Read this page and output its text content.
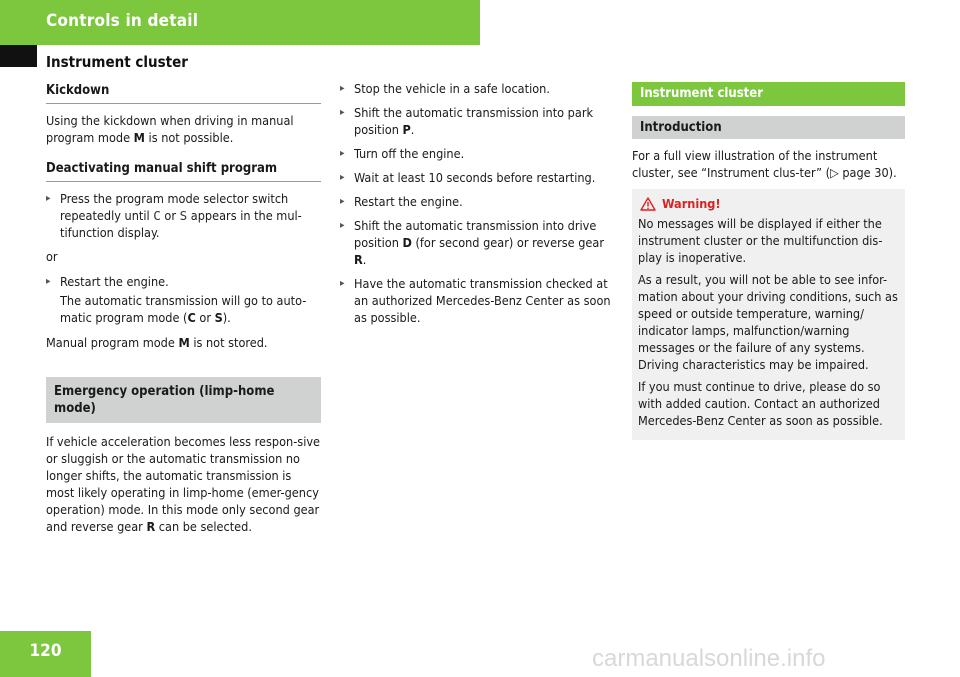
Controls in detail
Instrument cluster
Kickdown

Using the kickdown when driving in manual program mode M is not possible.

Deactivating manual shift program
▸ Press the program mode selector switch repeatedly until C or S appears in the mul-tifunction display.

or

▸ Restart the engine.
The automatic transmission will go to auto-matic program mode (C or S).

Manual program mode M is not stored.

Emergency operation (limp-home mode)

If vehicle acceleration becomes less respon-sive or sluggish or the automatic transmission no longer shifts, the automatic transmission is most likely operating in limp-home (emer-gency operation) mode. In this mode only second gear and reverse gear R can be selected.

▸ Stop the vehicle in a safe location.
▸ Shift the automatic transmission into park position P.
▸ Turn off the engine.
▸ Wait at least 10 seconds before restarting.
▸ Restart the engine.
▸ Shift the automatic transmission into drive position D (for second gear) or reverse gear R.
▸ Have the automatic transmission checked at an authorized Mercedes-Benz Center as soon as possible.
Instrument cluster
Introduction

For a full view illustration of the instrument cluster, see “Instrument clus-ter” (▷ page 30).

Warning!

No messages will be displayed if either the instrument cluster or the multifunction dis-play is inoperative.

As a result, you will not be able to see infor-mation about your driving conditions, such as speed or outside temperature, warning/ indicator lamps, malfunction/warning messages or the failure of any systems. Driving characteristics may be impaired.

If you must continue to drive, please do so with added caution. Contact an authorized Mercedes-Benz Center as soon as possible.

120	carmanualsonline.info
